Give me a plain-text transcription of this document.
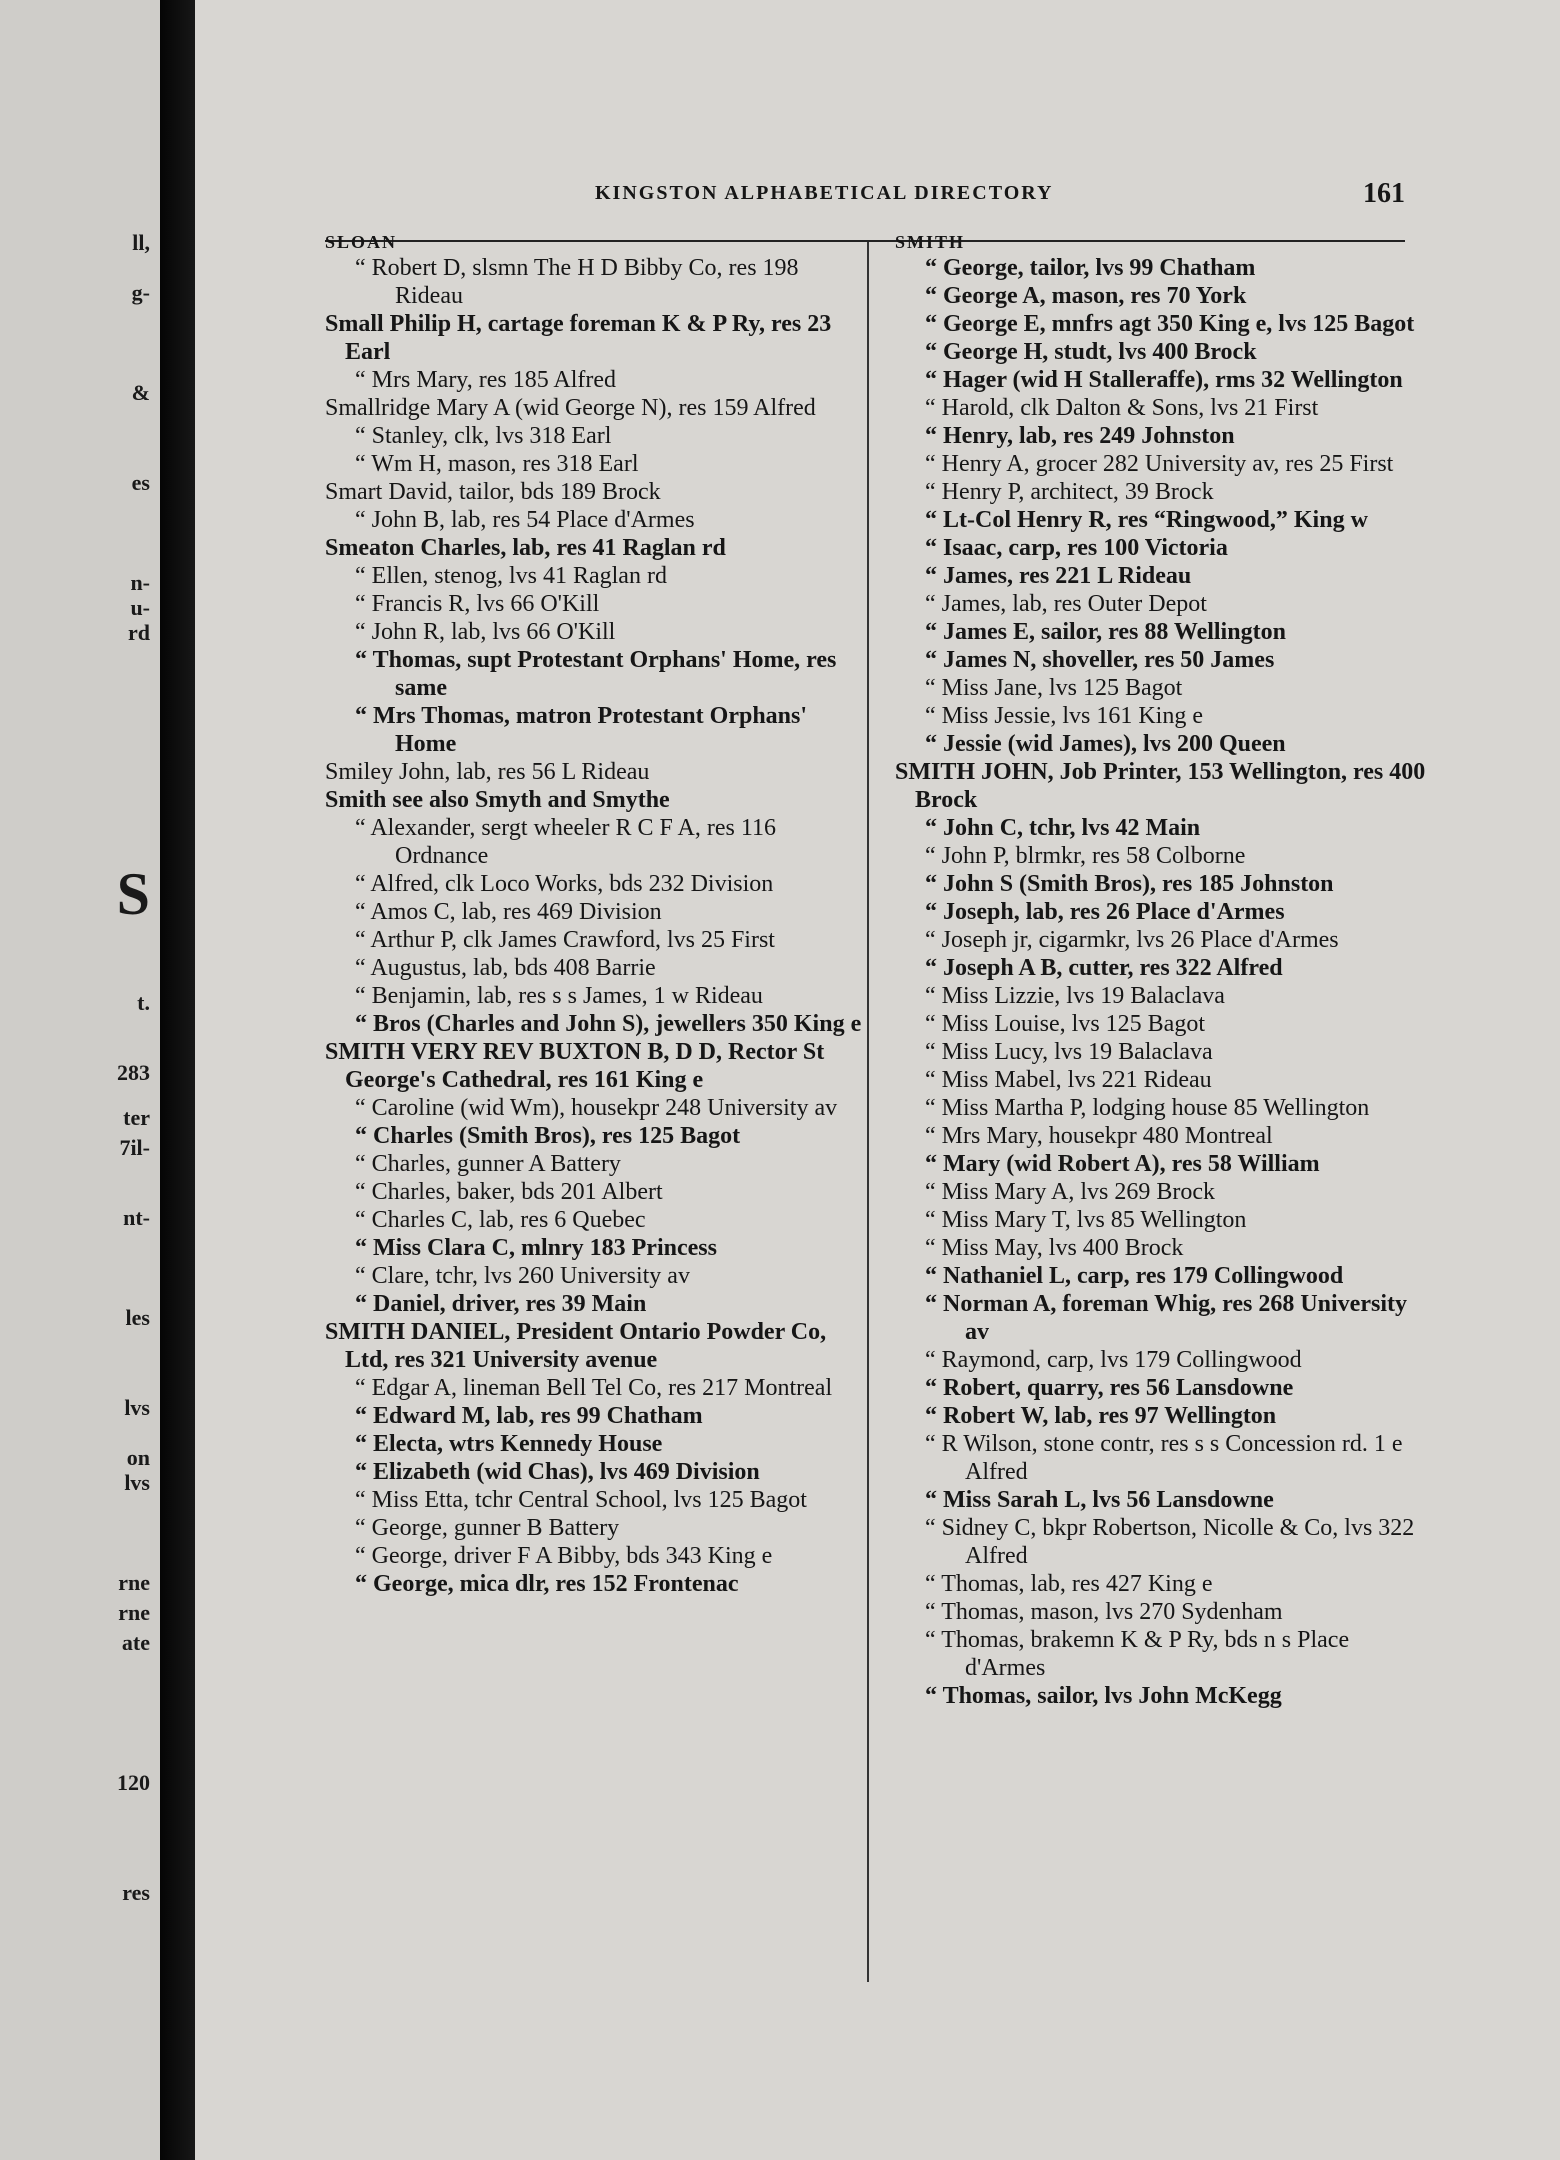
ll,
g-
&
es
n-
u-
rd
S
t.
283
ter
7il-
nt-
les
lvs
on
lvs
rne
rne
ate
120
res
KINGSTON ALPHABETICAL DIRECTORY	161
SLOAN

“ Robert D, slsmn The H D Bibby Co, res 198 Rideau

Small Philip H, cartage foreman K & P Ry, res 23 Earl

“ Mrs Mary, res 185 Alfred

Smallridge Mary A (wid George N), res 159 Alfred

“ Stanley, clk, lvs 318 Earl

“ Wm H, mason, res 318 Earl

Smart David, tailor, bds 189 Brock

“ John B, lab, res 54 Place d'Armes

Smeaton Charles, lab, res 41 Raglan rd

“ Ellen, stenog, lvs 41 Raglan rd

“ Francis R, lvs 66 O'Kill

“ John R, lab, lvs 66 O'Kill

“ Thomas, supt Protestant Orphans' Home, res same

“ Mrs Thomas, matron Protestant Orphans' Home

Smiley John, lab, res 56 L Rideau

Smith see also Smyth and Smythe

“ Alexander, sergt wheeler R C F A, res 116 Ordnance

“ Alfred, clk Loco Works, bds 232 Division

“ Amos C, lab, res 469 Division

“ Arthur P, clk James Crawford, lvs 25 First

“ Augustus, lab, bds 408 Barrie

“ Benjamin, lab, res s s James, 1 w Rideau

“ Bros (Charles and John S), jewellers 350 King e

SMITH VERY REV BUXTON B, D D, Rector St George's Cathedral, res 161 King e

“ Caroline (wid Wm), housekpr 248 University av

“ Charles (Smith Bros), res 125 Bagot

“ Charles, gunner A Battery

“ Charles, baker, bds 201 Albert

“ Charles C, lab, res 6 Quebec

“ Miss Clara C, mlnry 183 Princess

“ Clare, tchr, lvs 260 University av

“ Daniel, driver, res 39 Main

SMITH DANIEL, President Ontario Powder Co, Ltd, res 321 University avenue

“ Edgar A, lineman Bell Tel Co, res 217 Montreal

“ Edward M, lab, res 99 Chatham

“ Electa, wtrs Kennedy House

“ Elizabeth (wid Chas), lvs 469 Division

“ Miss Etta, tchr Central School, lvs 125 Bagot

“ George, gunner B Battery

“ George, driver F A Bibby, bds 343 King e

“ George, mica dlr, res 152 Frontenac

SMITH

“ George, tailor, lvs 99 Chatham

“ George A, mason, res 70 York

“ George E, mnfrs agt 350 King e, lvs 125 Bagot

“ George H, studt, lvs 400 Brock

“ Hager (wid H Stalleraffe), rms 32 Wellington

“ Harold, clk Dalton & Sons, lvs 21 First

“ Henry, lab, res 249 Johnston

“ Henry A, grocer 282 University av, res 25 First

“ Henry P, architect, 39 Brock

“ Lt-Col Henry R, res “Ringwood,” King w

“ Isaac, carp, res 100 Victoria

“ James, res 221 L Rideau

“ James, lab, res Outer Depot

“ James E, sailor, res 88 Wellington

“ James N, shoveller, res 50 James

“ Miss Jane, lvs 125 Bagot

“ Miss Jessie, lvs 161 King e

“ Jessie (wid James), lvs 200 Queen

SMITH JOHN, Job Printer, 153 Wellington, res 400 Brock

“ John C, tchr, lvs 42 Main

“ John P, blrmkr, res 58 Colborne

“ John S (Smith Bros), res 185 Johnston

“ Joseph, lab, res 26 Place d'Armes

“ Joseph jr, cigarmkr, lvs 26 Place d'Armes

“ Joseph A B, cutter, res 322 Alfred

“ Miss Lizzie, lvs 19 Balaclava

“ Miss Louise, lvs 125 Bagot

“ Miss Lucy, lvs 19 Balaclava

“ Miss Mabel, lvs 221 Rideau

“ Miss Martha P, lodging house 85 Wellington

“ Mrs Mary, housekpr 480 Montreal

“ Mary (wid Robert A), res 58 William

“ Miss Mary A, lvs 269 Brock

“ Miss Mary T, lvs 85 Wellington

“ Miss May, lvs 400 Brock

“ Nathaniel L, carp, res 179 Collingwood

“ Norman A, foreman Whig, res 268 University av

“ Raymond, carp, lvs 179 Collingwood

“ Robert, quarry, res 56 Lansdowne

“ Robert W, lab, res 97 Wellington

“ R Wilson, stone contr, res s s Concession rd. 1 e Alfred

“ Miss Sarah L, lvs 56 Lansdowne

“ Sidney C, bkpr Robertson, Nicolle & Co, lvs 322 Alfred

“ Thomas, lab, res 427 King e

“ Thomas, mason, lvs 270 Sydenham

“ Thomas, brakemn K & P Ry, bds n s Place d'Armes

“ Thomas, sailor, lvs John McKegg
